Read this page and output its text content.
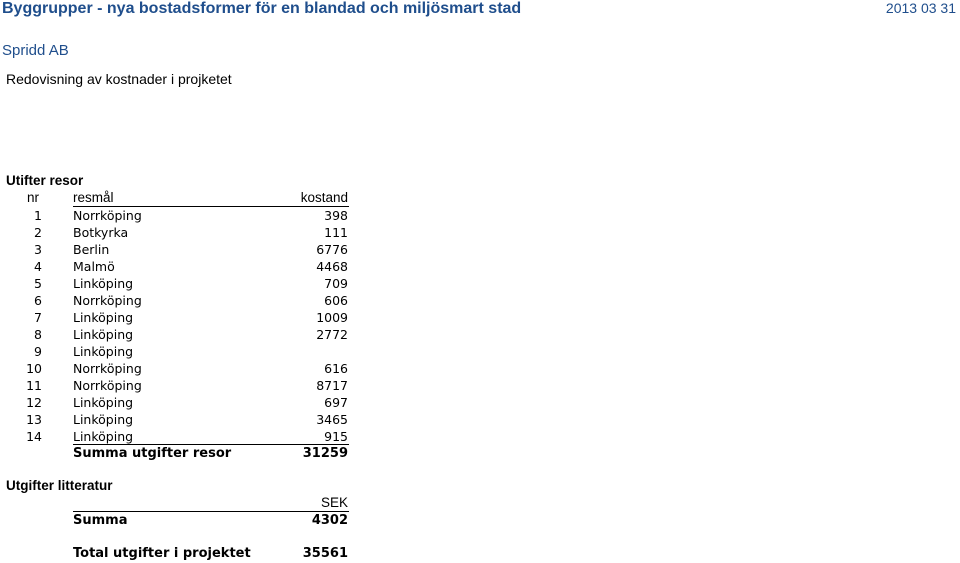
Byggrupper - nya bostadsformer för en blandad och miljösmart stad	2013 03 31
Spridd AB
Redovisning av kostnader i projketet
Utifter resor
nr	resmål	kostand
1 Norrköping	398
2 Botkyrka	111
3 Berlin	6776
4 Malmö	4468
5 Linköping	709
6 Norrköping	606
7 Linköping	1009
8 Linköping	2772
9 Linköping
10 Norrköping	616
11 Norrköping	8717
12 Linköping	697
13 Linköping	3465
14 Linköping	915
Summa utgifter resor	31259
Utgifter litteratur
SEK
Summa	4302
Total utgifter i projektet	35561
